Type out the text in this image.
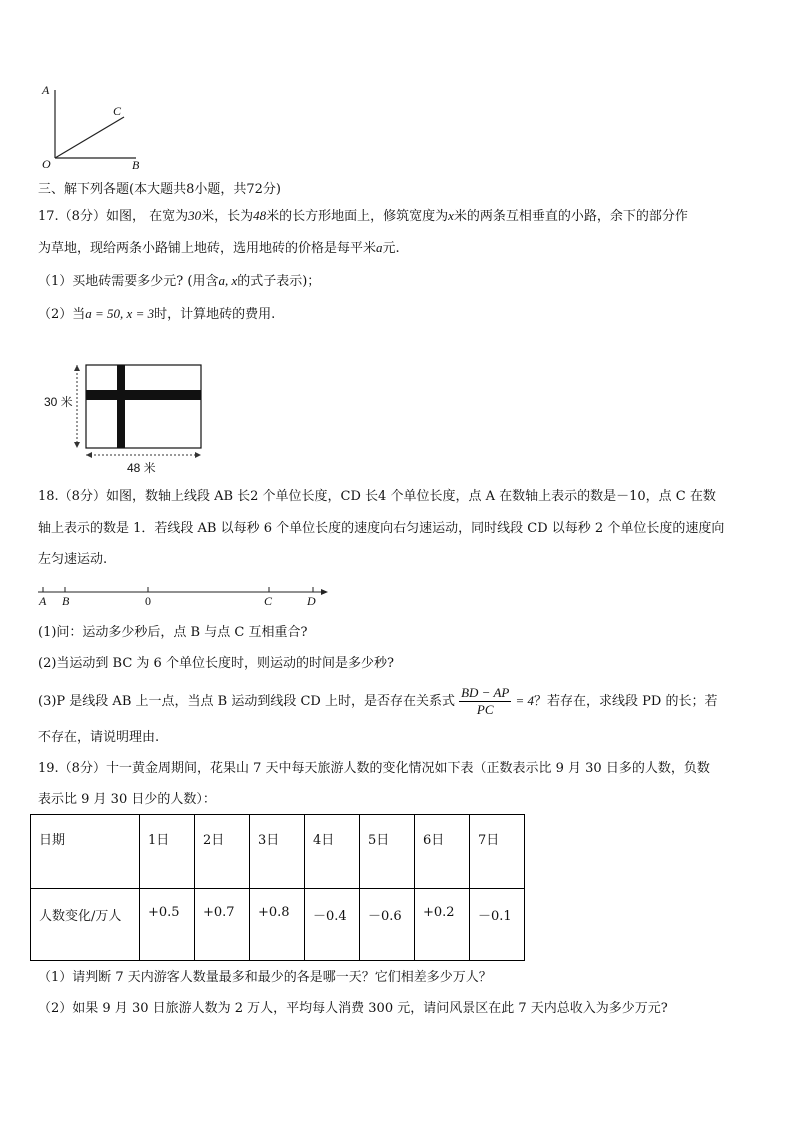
A
C
O	B
三、解下列各题(本大题共8小题，共72分)
17.（8分）如图， 在宽为30米，长为48米的长方形地面上，修筑宽度为x米的两条互相垂直的小路，余下的部分作
为草地，现给两条小路铺上地砖，选用地砖的价格是每平米a元.
（1）买地砖需要多少元? (用含a, x的式子表示)；
（2）当a = 50, x = 3时，计算地砖的费用.
30 米
48 米
18.（8分）如图，数轴上线段 AB 长2 个单位长度，CD 长4 个单位长度，点 A 在数轴上表示的数是－10，点 C 在数
轴上表示的数是 1．若线段 AB 以每秒 6 个单位长度的速度向右匀速运动，同时线段 CD 以每秒 2 个单位长度的速度向
左匀速运动.
A B	0	C	D
(1)问：运动多少秒后，点 B 与点 C 互相重合?
(2)当运动到 BC 为 6 个单位长度时，则运动的时间是多少秒?
(3)P 是线段 AB 上一点，当点 B 运动到线段 CD 上时，是否存在关系式 $\frac{BD - AP}{PC} = 4$？若存在，求线段 PD 的长；若
不存在，请说明理由.
19.（8分）十一黄金周期间，花果山 7 天中每天旅游人数的变化情况如下表（正数表示比 9 月 30 日多的人数，负数
表示比 9 月 30 日少的人数）：
日期	1日	2日	3日	4日	5日	6日	7日
人数变化/万人	+0.5	+0.7	+0.8	－0.4	－0.6	+0.2	－0.1
（1）请判断 7 天内游客人数量最多和最少的各是哪一天？它们相差多少万人？
（2）如果 9 月 30 日旅游人数为 2 万人，平均每人消费 300 元，请问风景区在此 7 天内总收入为多少万元?
